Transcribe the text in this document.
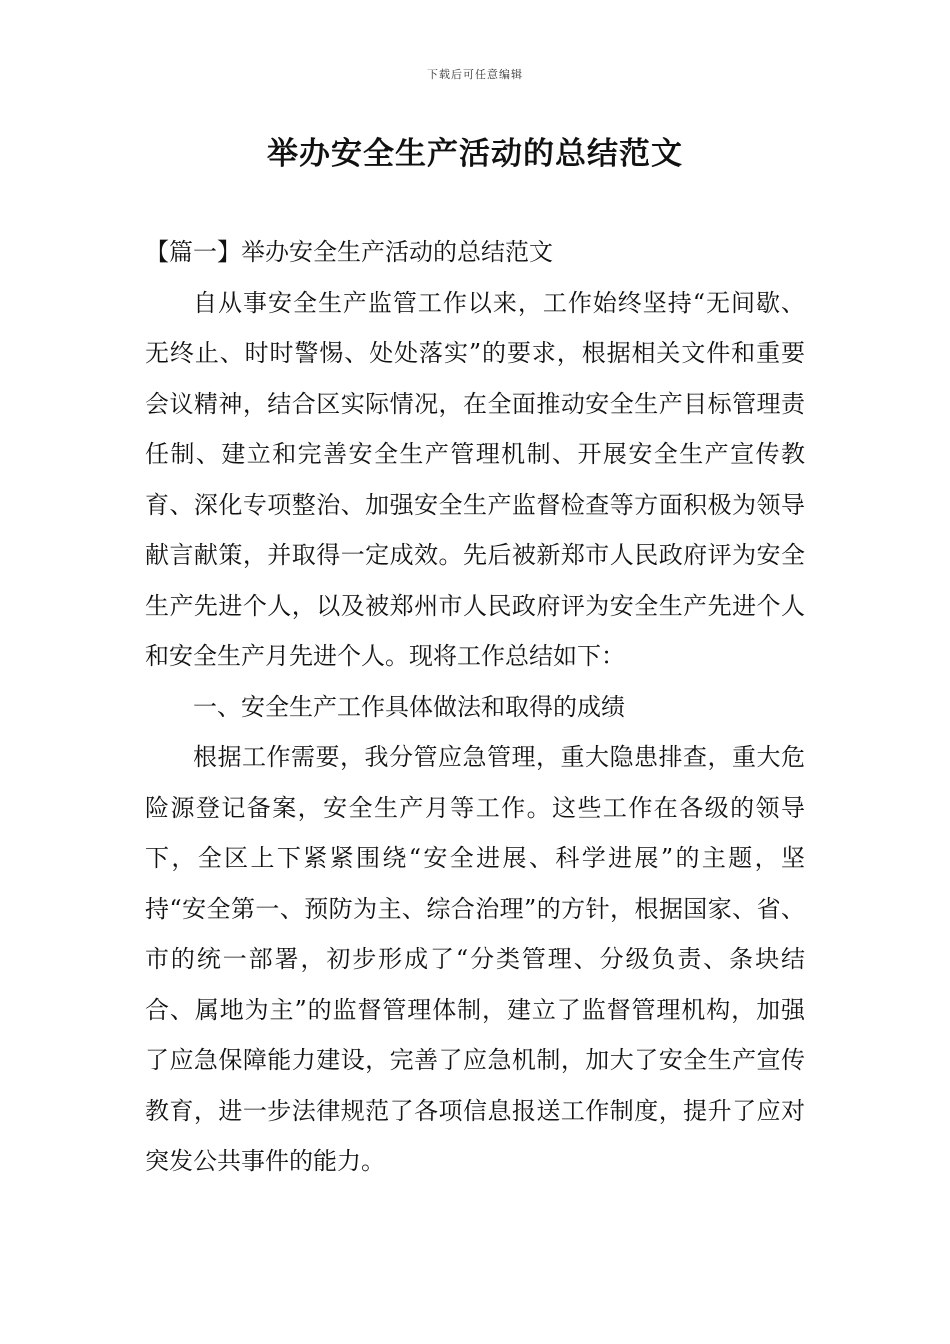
下载后可任意编辑
举办安全生产活动的总结范文

【篇一】举办安全生产活动的总结范文

自从事安全生产监管工作以来，工作始终坚持“无间歇、无终止、时时警惕、处处落实”的要求，根据相关文件和重要会议精神，结合区实际情况，在全面推动安全生产目标管理责任制、建立和完善安全生产管理机制、开展安全生产宣传教育、深化专项整治、加强安全生产监督检查等方面积极为领导献言献策，并取得一定成效。先后被新郑市人民政府评为安全生产先进个人，以及被郑州市人民政府评为安全生产先进个人和安全生产月先进个人。现将工作总结如下：

一、安全生产工作具体做法和取得的成绩

根据工作需要，我分管应急管理，重大隐患排查，重大危险源登记备案，安全生产月等工作。这些工作在各级的领导下，全区上下紧紧围绕“安全进展、科学进展”的主题，坚持“安全第一、预防为主、综合治理”的方针，根据国家、省、市的统一部署，初步形成了“分类管理、分级负责、条块结合、属地为主”的监督管理体制，建立了监督管理机构，加强了应急保障能力建设，完善了应急机制，加大了安全生产宣传教育，进一步法律规范了各项信息报送工作制度，提升了应对突发公共事件的能力。
